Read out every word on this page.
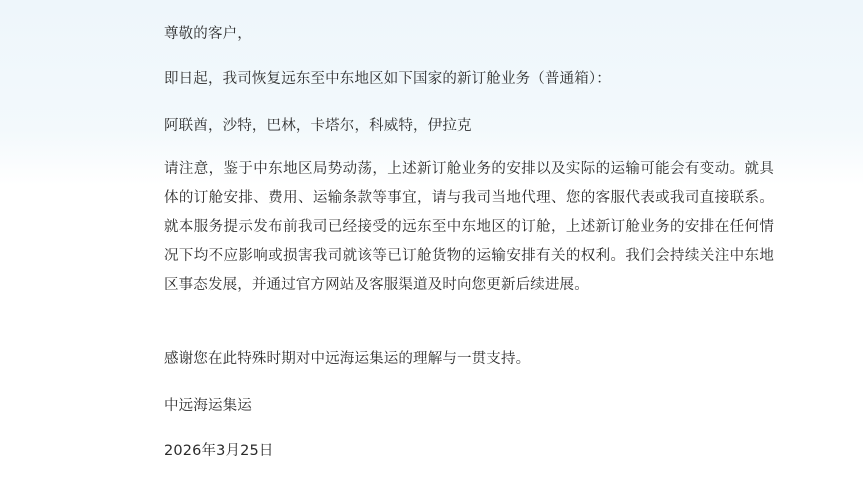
尊敬的客户，

即日起，我司恢复远东至中东地区如下国家的新订舱业务（普通箱）：

阿联酋，沙特，巴林，卡塔尔，科威特，伊拉克

请注意，鉴于中东地区局势动荡，上述新订舱业务的安排以及实际的运输可能会有变动。就具体的订舱安排、费用、运输条款等事宜，请与我司当地代理、您的客服代表或我司直接联系。就本服务提示发布前我司已经接受的远东至中东地区的订舱，上述新订舱业务的安排在任何情况下均不应影响或损害我司就该等已订舱货物的运输安排有关的权利。我们会持续关注中东地区事态发展，并通过官方网站及客服渠道及时向您更新后续进展。

感谢您在此特殊时期对中远海运集运的理解与一贯支持。

中远海运集运

2026年3月25日
